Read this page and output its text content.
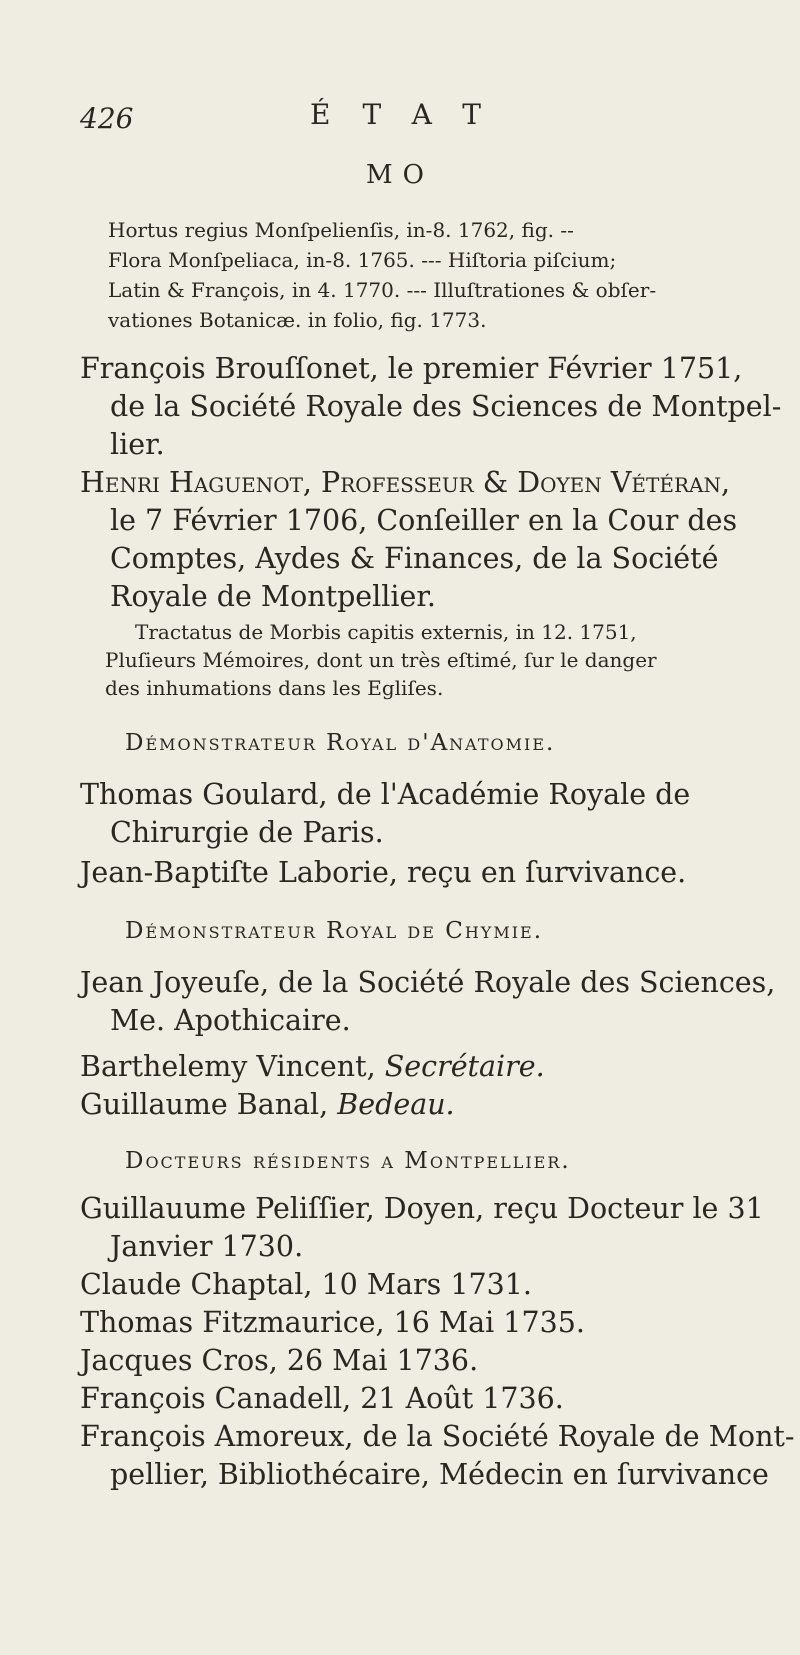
426	ÉTAT
MO
Hortus regius Monſpelienſis, in-8. 1762, fig. --
Flora Monſpeliaca, in-8. 1765. --- Hiſtoria piſcium;
Latin & François, in 4. 1770. --- Illuſtrationes & obſer-
vationes Botanicæ. in folio, fig. 1773.
François Brouſſonet, le premier Février 1751,
de la Société Royale des Sciences de Montpel-
lier.
Henri Haguenot, Profeſſeur & Doyen Vétéran,
le 7 Février 1706, Conſeiller en la Cour des
Comptes, Aydes & Finances, de la Société
Royale de Montpellier.
Tractatus de Morbis capitis externis, in 12. 1751,
Pluſieurs Mémoires, dont un très eſtimé, ſur le danger
des inhumations dans les Egliſes.
Démonstrateur Royal d'Anatomie.
Thomas Goulard, de l'Académie Royale de
Chirurgie de Paris.
Jean-Baptiſte Laborie, reçu en ſurvivance.
Démonstrateur Royal de Chymie.
Jean Joyeuſe, de la Société Royale des Sciences,
Me. Apothicaire.
Barthelemy Vincent, Secrétaire.
Guillaume Banal, Bedeau.
Docteurs résidents a Montpellier.
Guillauume Peliſſier, Doyen, reçu Docteur le 31
Janvier 1730.
Claude Chaptal, 10 Mars 1731.
Thomas Fitzmaurice, 16 Mai 1735.
Jacques Cros, 26 Mai 1736.
François Canadell, 21 Août 1736.
François Amoreux, de la Société Royale de Mont-
pellier, Bibliothécaire, Médecin en ſurvivance
